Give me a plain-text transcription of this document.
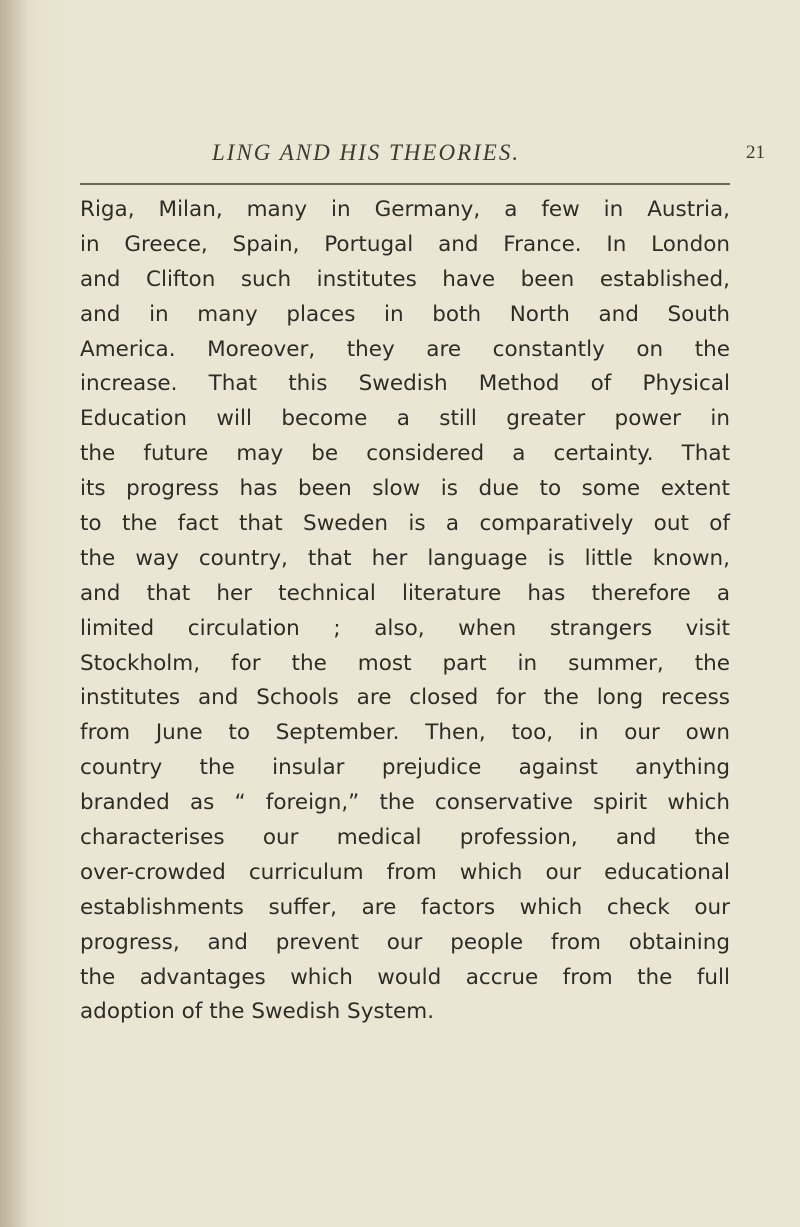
LING AND HIS THEORIES.	21
Riga, Milan, many in Germany, a few in Austria,
in Greece, Spain, Portugal and France. In London
and Clifton such institutes have been established,
and in many places in both North and South
America. Moreover, they are constantly on the
increase. That this Swedish Method of Physical
Education will become a still greater power in
the future may be considered a certainty. That
its progress has been slow is due to some extent
to the fact that Sweden is a comparatively out of
the way country, that her language is little known,
and that her technical literature has therefore a
limited circulation ; also, when strangers visit
Stockholm, for the most part in summer, the
institutes and Schools are closed for the long recess
from June to September. Then, too, in our own
country the insular prejudice against anything
branded as “ foreign,” the conservative spirit which
characterises our medical profession, and the
over-crowded curriculum from which our educational
establishments suffer, are factors which check our
progress, and prevent our people from obtaining
the advantages which would accrue from the full
adoption of the Swedish System.
